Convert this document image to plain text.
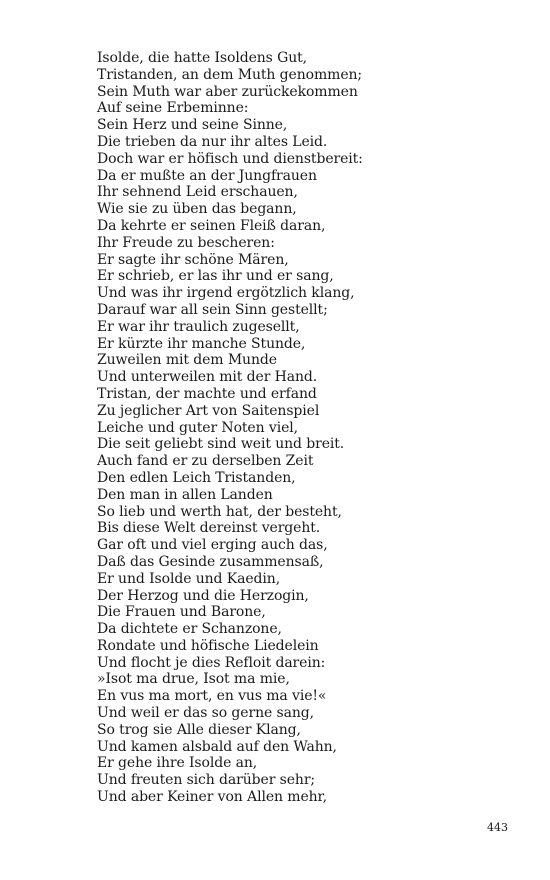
Isolde, die hatte Isoldens Gut,
Tristanden, an dem Muth genommen;
Sein Muth war aber zurückekommen
Auf seine Erbeminne:
Sein Herz und seine Sinne,
Die trieben da nur ihr altes Leid.
Doch war er höfisch und dienstbereit:
Da er mußte an der Jungfrauen
Ihr sehnend Leid erschauen,
Wie sie zu üben das begann,
Da kehrte er seinen Fleiß daran,
Ihr Freude zu bescheren:
Er sagte ihr schöne Mären,
Er schrieb, er las ihr und er sang,
Und was ihr irgend ergötzlich klang,
Darauf war all sein Sinn gestellt;
Er war ihr traulich zugesellt,
Er kürzte ihr manche Stunde,
Zuweilen mit dem Munde
Und unterweilen mit der Hand.
Tristan, der machte und erfand
Zu jeglicher Art von Saitenspiel
Leiche und guter Noten viel,
Die seit geliebt sind weit und breit.
Auch fand er zu derselben Zeit
Den edlen Leich Tristanden,
Den man in allen Landen
So lieb und werth hat, der besteht,
Bis diese Welt dereinst vergeht.
Gar oft und viel erging auch das,
Daß das Gesinde zusammensaß,
Er und Isolde und Kaedin,
Der Herzog und die Herzogin,
Die Frauen und Barone,
Da dichtete er Schanzone,
Rondate und höfische Liedelein
Und flocht je dies Refloit darein:
»Isot ma drue, Isot ma mie,
En vus ma mort, en vus ma vie!«
Und weil er das so gerne sang,
So trog sie Alle dieser Klang,
Und kamen alsbald auf den Wahn,
Er gehe ihre Isolde an,
Und freuten sich darüber sehr;
Und aber Keiner von Allen mehr,
443
